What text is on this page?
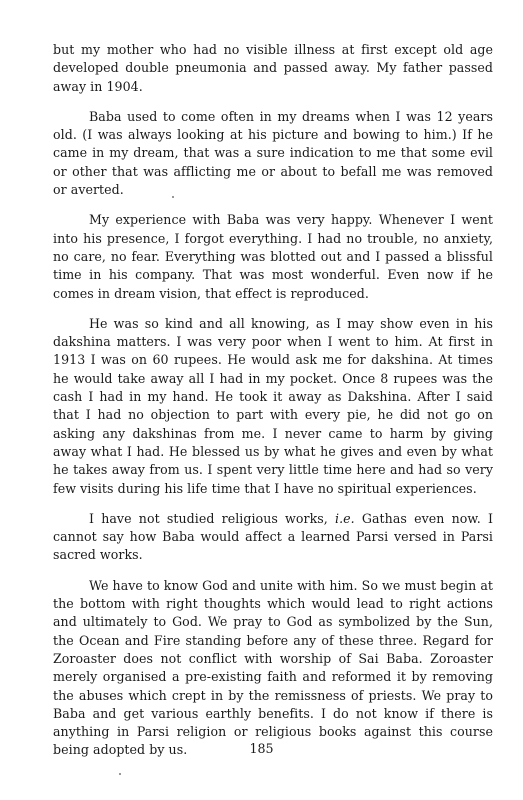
but my mother who had no visible illness at first except old age developed double pneumonia and passed away. My father passed away in 1904.

Baba used to come often in my dreams when I was 12 years old. (I was always looking at his picture and bowing to him.) If he came in my dream, that was a sure indication to me that some evil or other that was afflicting me or about to befall me was removed or averted.

My experience with Baba was very happy. Whenever I went into his presence, I forgot everything. I had no trouble, no anxiety, no care, no fear. Everything was blotted out and I passed a blissful time in his company. That was most wonderful. Even now if he comes in dream vision, that effect is reproduced.

He was so kind and all knowing, as I may show even in his dakshina matters. I was very poor when I went to him. At first in 1913 I was on 60 rupees. He would ask me for dakshina. At times he would take away all I had in my pocket. Once 8 rupees was the cash I had in my hand. He took it away as Dakshina. After I said that I had no objection to part with every pie, he did not go on asking any dakshinas from me. I never came to harm by giving away what I had. He blessed us by what he gives and even by what he takes away from us. I spent very little time here and had so very few visits during his life time that I have no spiritual experiences.

I have not studied religious works, i.e. Gathas even now. I cannot say how Baba would affect a learned Parsi versed in Parsi sacred works.

We have to know God and unite with him. So we must begin at the bottom with right thoughts which would lead to right actions and ultimately to God. We pray to God as symbolized by the Sun, the Ocean and Fire standing before any of these three. Regard for Zoroaster does not conflict with worship of Sai Baba. Zoroaster merely organised a pre-existing faith and reformed it by removing the abuses which crept in by the remissness of priests. We pray to Baba and get various earthly benefits. I do not know if there is anything in Parsi religion or religious books against this course being adopted by us.	185
